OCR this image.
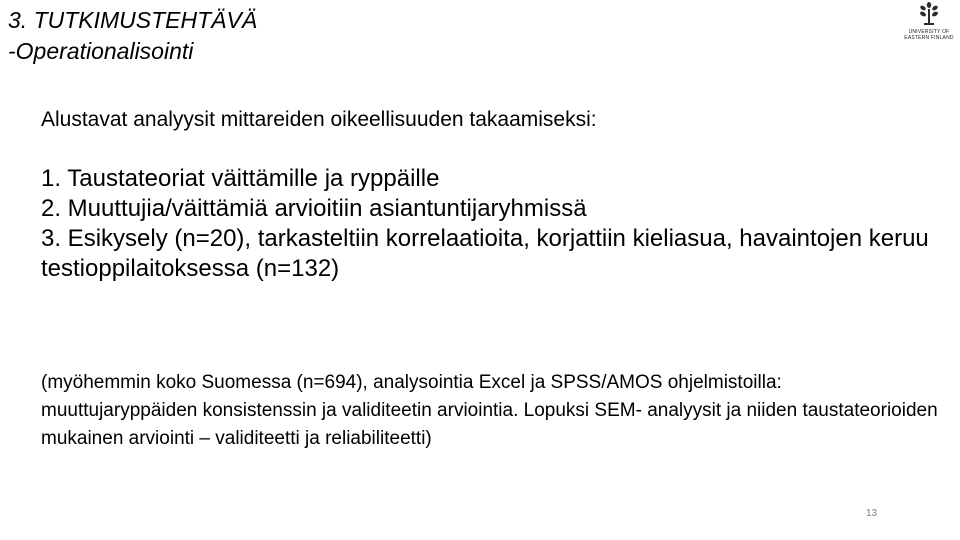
3. TUTKIMUSTEHTÄVÄ
-Operationalisointi
UNIVERSITY OF
EASTERN FINLAND

Alustavat analyysit mittareiden oikeellisuuden takaamiseksi:

1. Taustateoriat väittämille ja ryppäille
2. Muuttujia/väittämiä arvioitiin asiantuntijaryhmissä
3. Esikysely (n=20), tarkasteltiin korrelaatioita, korjattiin kieliasua, havaintojen keruu testioppilaitoksessa (n=132)

(myöhemmin koko Suomessa (n=694), analysointia Excel ja SPSS/AMOS ohjelmistoilla: muuttujaryppäiden konsistenssin ja validiteetin arviointia. Lopuksi SEM- analyysit ja niiden taustateorioiden mukainen arviointi – validiteetti ja reliabiliteetti)

13
